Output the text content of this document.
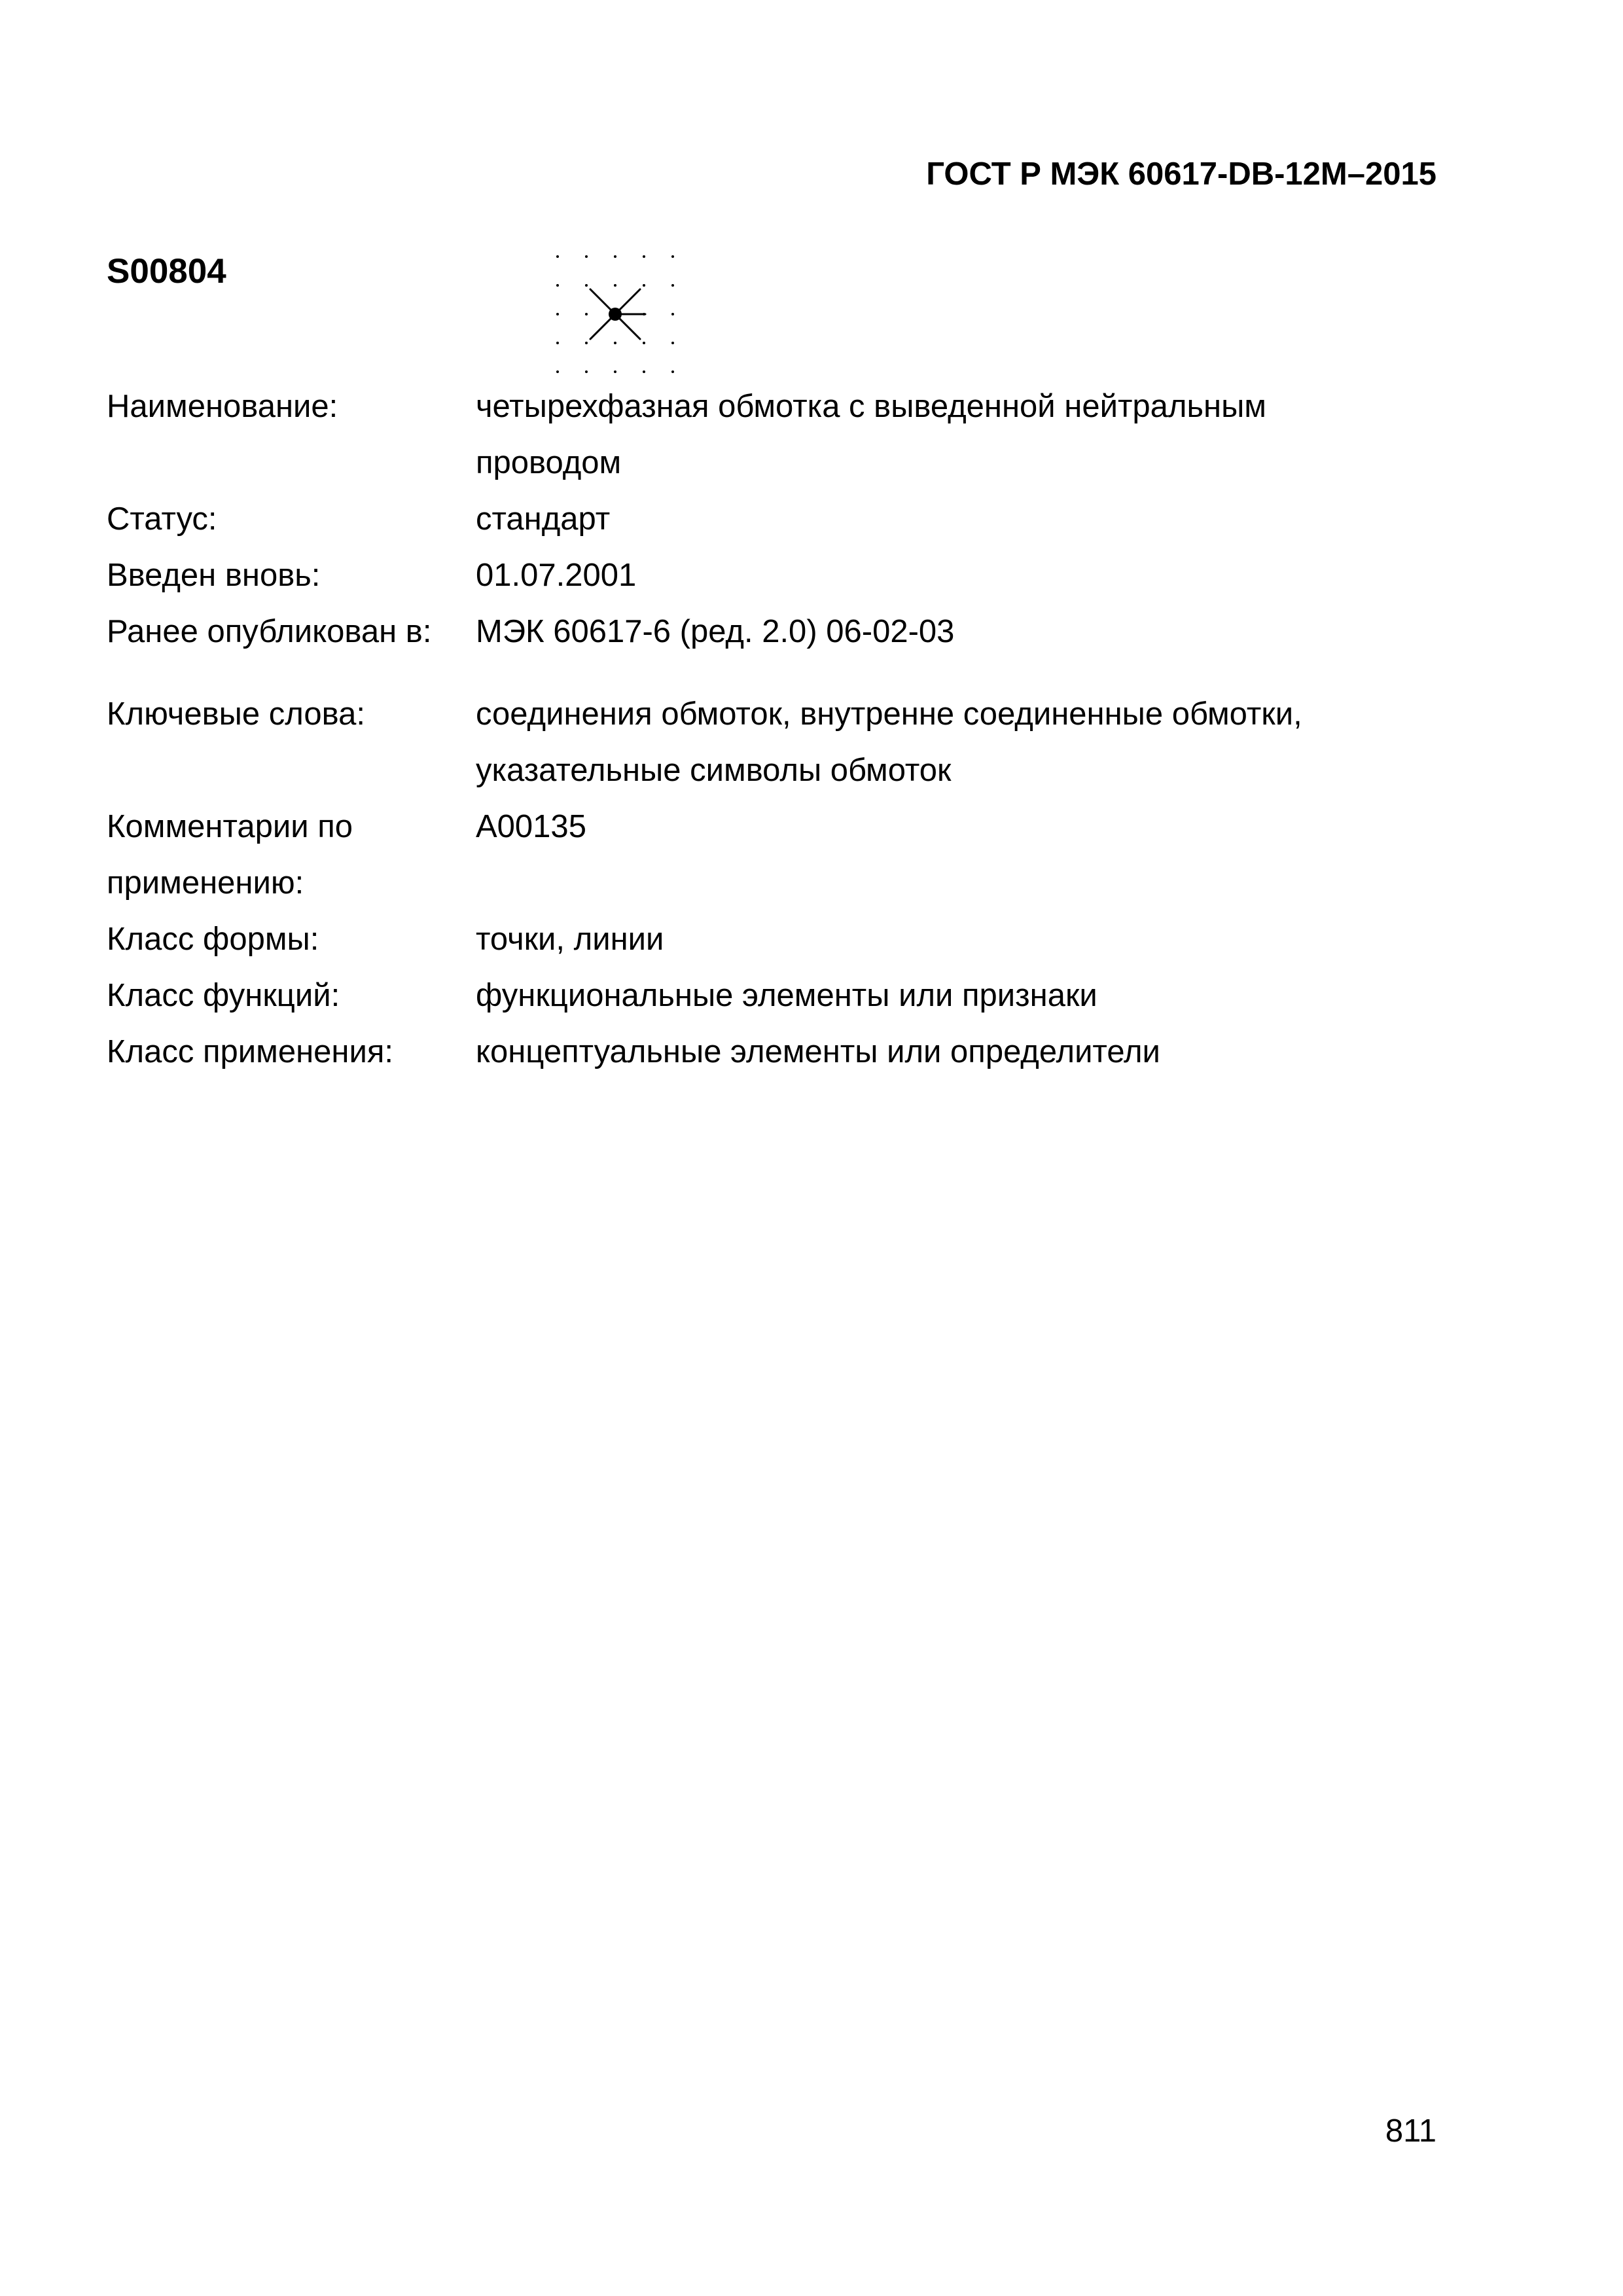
ГОСТ Р МЭК 60617-DB-12M–2015
S00804
Наименование:	четырехфазная обмотка с выведенной нейтральным проводом
Статус:	стандарт
Введен вновь:	01.07.2001
Ранее опубликован в:	МЭК 60617-6 (ред. 2.0) 06-02-03
Ключевые слова:	соединения обмоток, внутренне соединенные обмотки, указательные символы обмоток
Комментарии по применению:
A00135
Класс формы:	точки, линии
Класс функций:	функциональные элементы или признаки
Класс применения:	концептуальные элементы или определители
811
